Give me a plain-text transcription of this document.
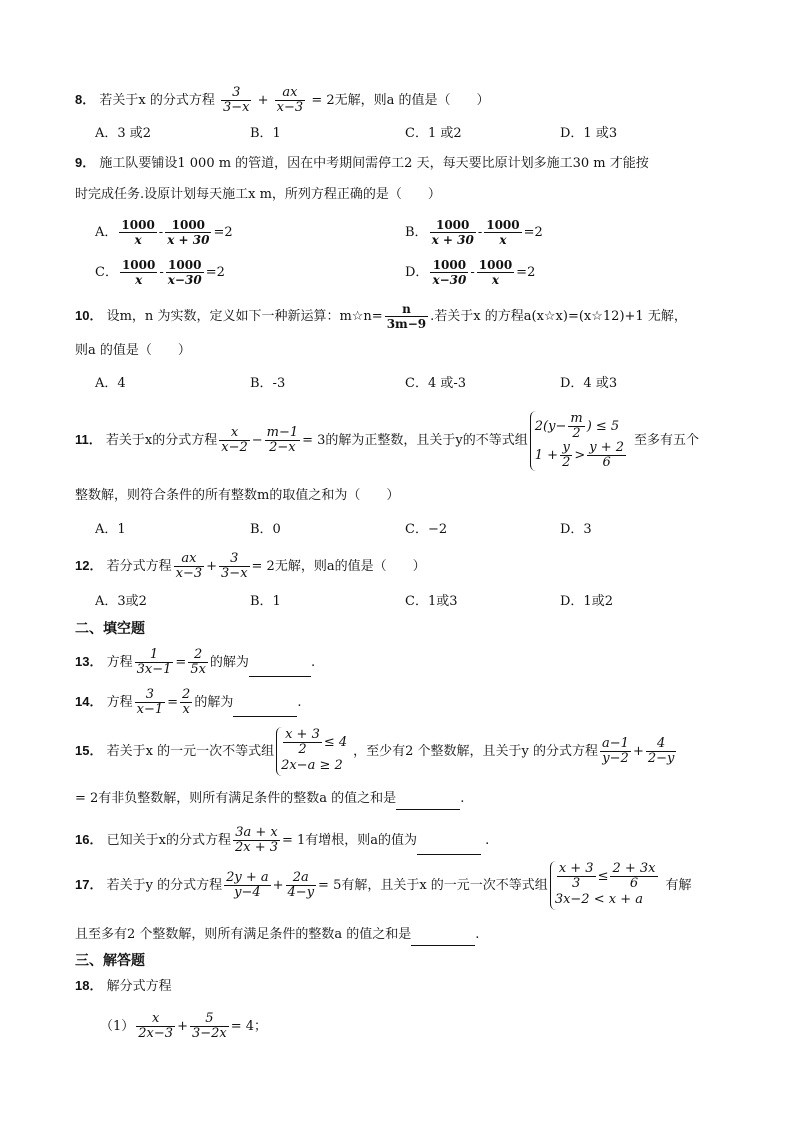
8． 若关于x 的分式方程 $\frac{3}{3-x} + \frac{ax}{x-3} = 2$无解，则a 的值是（　　）
A．3 或2	B．1	C．1 或2	D．1 或3
9． 施工队要铺设1 000 m 的管道，因在中考期间需停工2 天，每天要比原计划多施工30 m 才能按
时完成任务.设原计划每天施工x m，所列方程正确的是（　　）
A． $\frac{1000}{x} - \frac{1000}{x + 30} =2$	B． $\frac{1000}{x + 30} - \frac{1000}{x} =2$
C． $\frac{1000}{x} - \frac{1000}{x-30} =2$	D． $\frac{1000}{x-30} - \frac{1000}{x} =2$
10． 设m，n 为实数，定义如下一种新运算：m☆n= $\frac{n}{3m-9}$ .若关于x 的方程a(x☆x)=(x☆12)+1 无解，
则a 的值是（　　）
A．4	B．-3	C．4 或-3	D．4 或3
11． 若关于x的分式方程 $\frac{x}{x-2} - \frac{m-1}{2-x} = 3$的解为正整数，且关于y的不等式组
$2(y- \frac{m}{2}$ ) ≤ 5
$1 + \frac{y}{2} > \frac{y + 2}{6}$ 至多有五个
整数解，则符合条件的所有整数m的取值之和为（　　）
A．1	B．0	C．−2	D．3
12． 若分式方程 $\frac{ax}{x-3} + \frac{3}{3-x} = 2$无解，则a的值是（　　）
A．3或2	B．1	C．1或3	D．1或2
二、填空题
13． 方程 $\frac{1}{3x-1} = \frac{2}{5x}$ 的解为	.
14． 方程 $\frac{3}{x-1} = \frac{2}{x}$ 的解为	.
15． 若关于x 的一元一次不等式组 $\frac{x + 3}{2} \le 4$
2x−a ≥ 2
，至少有2 个整数解，且关于y 的分式方程 $\frac{a-1}{y-2} + \frac{4}{2-y}$
= 2有非负整数解，则所有满足条件的整数a 的值之和是	.
16． 已知关于x的分式方程 $\frac{3a + x}{2x + 3} = 1$有增根，则a的值为	.
17． 若关于y 的分式方程 $\frac{2y + a}{y-4} + \frac{2a}{4-y} = 5$有解，且关于x 的一元一次不等式组 $\frac{x + 3}{3} \le \frac{2 + 3x}{6}$
3x−2 < x + a
有解
且至多有2 个整数解，则所有满足条件的整数a 的值之和是	.
三、解答题
18． 解分式方程
$(1) \frac{x}{2x-3} + \frac{5}{3-2x} = 4$；
